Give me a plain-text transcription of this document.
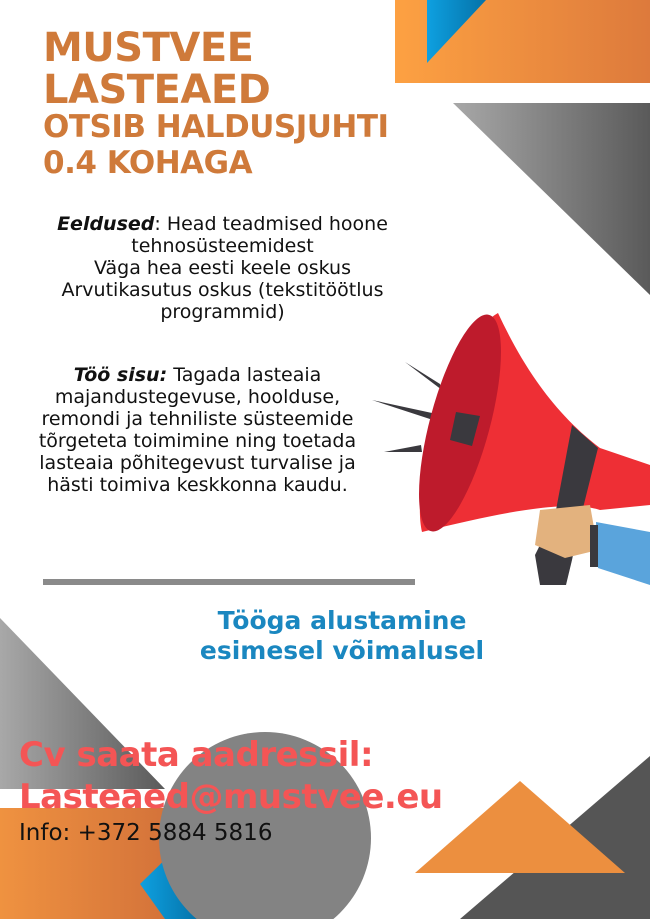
MUSTVEE
LASTEAED
OTSIB HALDUSJUHTI
0.4 KOHAGA
Eeldused: Head teadmised hoone tehnosüsteemidest
Väga hea eesti keele oskus
Arvutikasutus oskus (tekstitöötlus programmid)
Töö sisu: Tagada lasteaia majandustegevuse, hoolduse, remondi ja tehniliste süsteemide tõrgeteta toimimine ning toetada lasteaia põhitegevust turvalise ja hästi toimiva keskkonna kaudu.
Tööga alustamine
esimesel võimalusel
Cv saata aadressil:
Lasteaed@mustvee.eu
Info: +372 5884 5816
